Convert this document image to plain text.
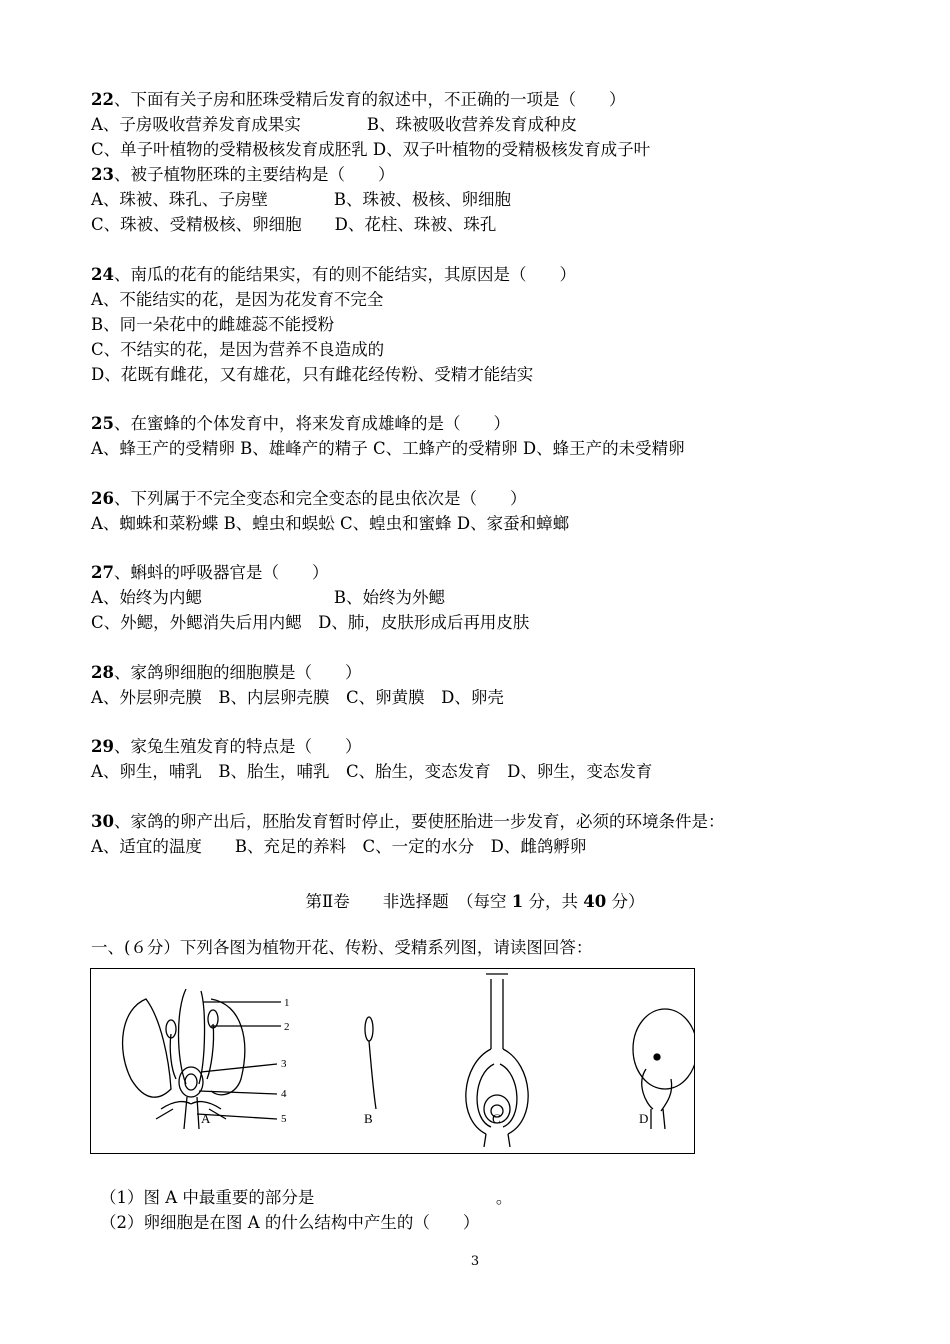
22、下面有关子房和胚珠受精后发育的叙述中，不正确的一项是（　　）
A、子房吸收营养发育成果实　　　　B、珠被吸收营养发育成种皮
C、单子叶植物的受精极核发育成胚乳 D、双子叶植物的受精极核发育成子叶
23、被子植物胚珠的主要结构是（　　）
A、珠被、珠孔、子房壁　　　　B、珠被、极核、卵细胞
C、珠被、受精极核、卵细胞　　D、花柱、珠被、珠孔
24、南瓜的花有的能结果实，有的则不能结实，其原因是（　　）
A、不能结实的花，是因为花发育不完全
B、同一朵花中的雌雄蕊不能授粉
C、不结实的花，是因为营养不良造成的
D、花既有雌花，又有雄花，只有雌花经传粉、受精才能结实
25、在蜜蜂的个体发育中，将来发育成雄峰的是（　　）
A、蜂王产的受精卵 B、雄峰产的精子 C、工蜂产的受精卵 D、蜂王产的未受精卵
26、下列属于不完全变态和完全变态的昆虫依次是（　　）
A、蜘蛛和菜粉蝶 B、蝗虫和蜈蚣 C、蝗虫和蜜蜂 D、家蚕和蟑螂
27、蝌蚪的呼吸器官是（　　）
A、始终为内鳃　　　　　　　　B、始终为外鳃
C、外鳃，外鳃消失后用内鳃　D、肺，皮肤形成后再用皮肤
28、家鸽卵细胞的细胞膜是（　　）
A、外层卵壳膜　B、内层卵壳膜　C、卵黄膜　D、卵壳
29、家兔生殖发育的特点是（　　）
A、卵生，哺乳　B、胎生，哺乳　C、胎生，变态发育　D、卵生，变态发育
30、家鸽的卵产出后，胚胎发育暂时停止，要使胚胎进一步发育，必须的环境条件是：
A、适宜的温度　　B、充足的养料　C、一定的水分　D、雌鸽孵卵
第Ⅱ卷　　非选择题　（每空 1 分，共 40 分）
一、(６分）下列各图为植物开花、传粉、受精系列图，请读图回答：
1
2
3
4
5
A	B	C	D
（1）图 A 中最重要的部分是　　　　　　　　　　　。
（2）卵细胞是在图 A 的什么结构中产生的（　　）
3
